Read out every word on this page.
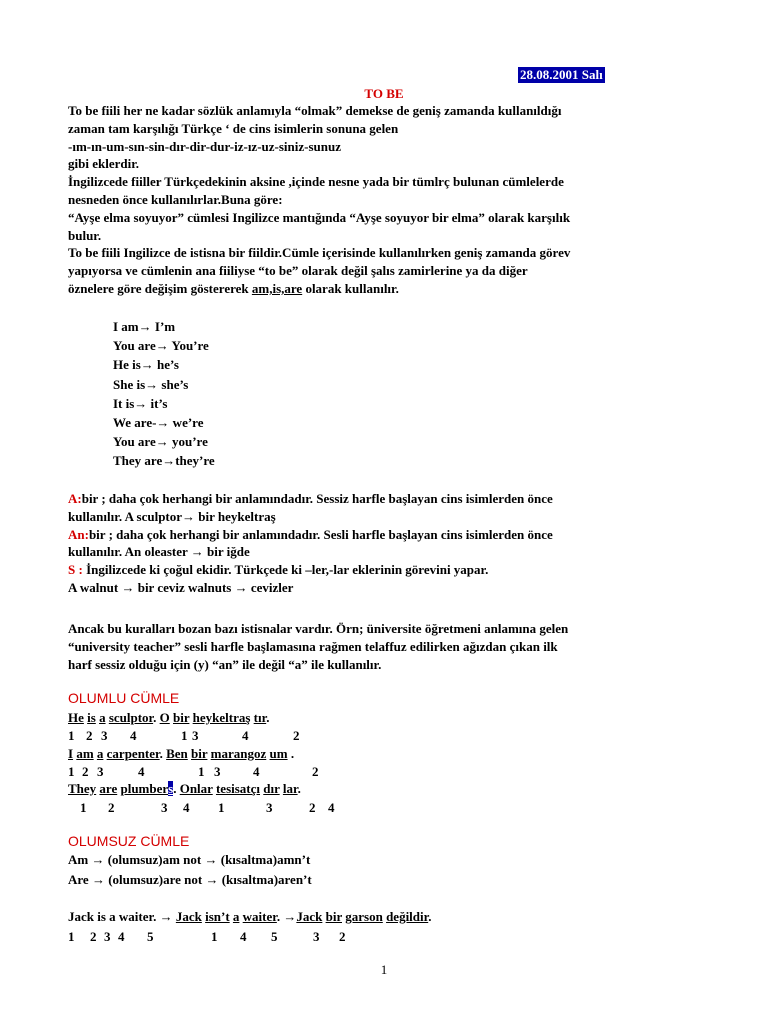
28.08.2001 Salı
TO BE
To be fiili her ne kadar sözlük anlamıyla “olmak” demekse de geniş zamanda kullanıldığı
zaman tam karşılığı Türkçe ‘ de cins isimlerin sonuna gelen
-ım-ın-um-sın-sin-dır-dir-dur-iz-ız-uz-siniz-sunuz
gibi eklerdir.
İngilizcede fiiller Türkçedekinin aksine ,içinde nesne yada bir tümlrç bulunan cümlelerde
nesneden önce kullanılırlar.Buna göre:
“Ayşe elma soyuyor” cümlesi Ingilizce mantığında “Ayşe soyuyor bir elma” olarak karşılık
bulur.
To be fiili Ingilizce de istisna bir fiildir.Cümle içerisinde kullanılırken geniş zamanda görev
yapıyorsa ve cümlenin ana fiiliyse “to be” olarak değil şalıs zamirlerine ya da diğer
öznelere göre değişim göstererek am,is,are olarak kullanılır.
I am→ I’m
You are→ You’re
He is→ he’s
She is→ she’s
It is→ it’s
We are-→ we’re
You are→ you’re
They are→they’re
A:bir ; daha çok herhangi bir anlamındadır. Sessiz harfle başlayan cins isimlerden önce
kullanılır. A sculptor→ bir heykeltraş
An:bir ; daha çok herhangi bir anlamındadır. Sesli harfle başlayan cins isimlerden önce
kullanılır. An oleaster → bir iğde
S : İngilizcede ki çoğul ekidir. Türkçede ki –ler,-lar eklerinin görevini yapar.
A walnut → bir ceviz walnuts → cevizler
Ancak bu kuralları bozan bazı istisnalar vardır. Örn; üniversite öğretmeni anlamına gelen
“university teacher” sesli harfle başlamasına rağmen telaffuz edilirken ağızdan çıkan ilk
harf sessiz olduğu için (y) “an” ile değil “a” ile kullanılır.
OLUMLU CÜMLE
He is a sculptor. O bir heykeltraş tır.
1 2 3 4	1 3	4	2
I am a carpenter. Ben bir marangoz um .
1 2 3	4	1 3	4	2
They are plumbers. Onlar tesisatçı dır lar.
1 2	3 4 1	3	2 4
OLUMSUZ CÜMLE
Am → (olumsuz)am not → (kısaltma)amn’t
Are → (olumsuz)are not → (kısaltma)aren’t
Jack is a waiter. → Jack isn’t a waiter. →Jack bir garson değildir.
1 2 3 4 5	1 4 5	3 2
1
